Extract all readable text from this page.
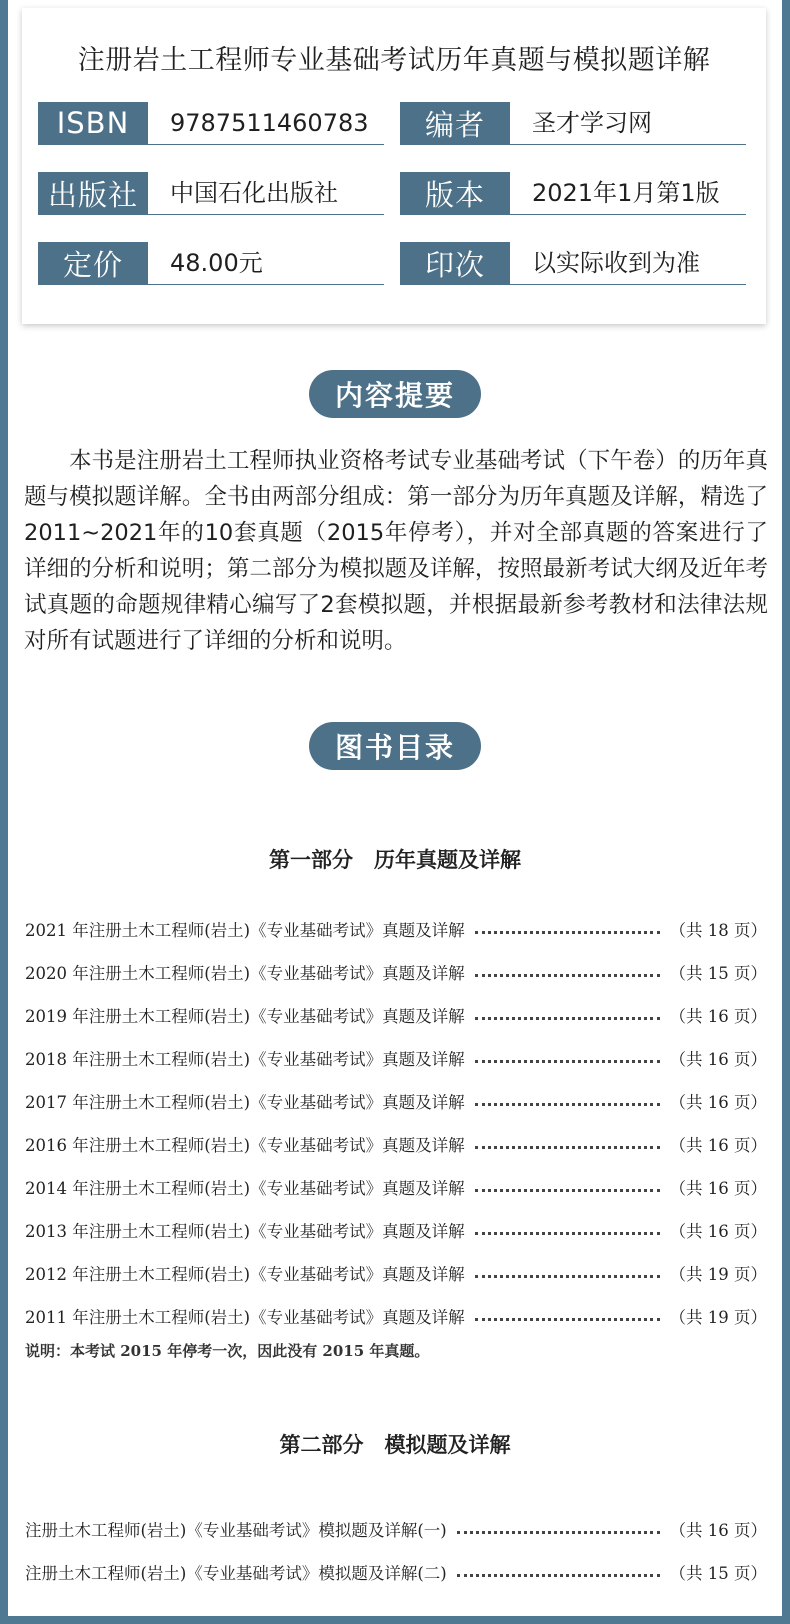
注册岩土工程师专业基础考试历年真题与模拟题详解
ISBN	9787511460783	编者	圣才学习网
出版社	中国石化出版社	版本	2021年1月第1版
定价	48.00元	印次	以实际收到为准
内容提要

本书是注册岩土工程师执业资格考试专业基础考试（下午卷）的历年真题与模拟题详解。全书由两部分组成：第一部分为历年真题及详解，精选了2011~2021年的10套真题（2015年停考），并对全部真题的答案进行了详细的分析和说明；第二部分为模拟题及详解，按照最新考试大纲及近年考试真题的命题规律精心编写了2套模拟题，并根据最新参考教材和法律法规对所有试题进行了详细的分析和说明。

图书目录
第一部分　历年真题及详解
2021 年注册土木工程师(岩土)《专业基础考试》真题及详解	（共 18 页）
2020 年注册土木工程师(岩土)《专业基础考试》真题及详解	（共 15 页）
2019 年注册土木工程师(岩土)《专业基础考试》真题及详解	（共 16 页）
2018 年注册土木工程师(岩土)《专业基础考试》真题及详解	（共 16 页）
2017 年注册土木工程师(岩土)《专业基础考试》真题及详解	（共 16 页）
2016 年注册土木工程师(岩土)《专业基础考试》真题及详解	（共 16 页）
2014 年注册土木工程师(岩土)《专业基础考试》真题及详解	（共 16 页）
2013 年注册土木工程师(岩土)《专业基础考试》真题及详解	（共 16 页）
2012 年注册土木工程师(岩土)《专业基础考试》真题及详解	（共 19 页）
2011 年注册土木工程师(岩土)《专业基础考试》真题及详解	（共 19 页）
说明：本考试 2015 年停考一次，因此没有 2015 年真题。
第二部分　模拟题及详解
注册土木工程师(岩土)《专业基础考试》模拟题及详解(一)	（共 16 页）
注册土木工程师(岩土)《专业基础考试》模拟题及详解(二)	（共 15 页）
